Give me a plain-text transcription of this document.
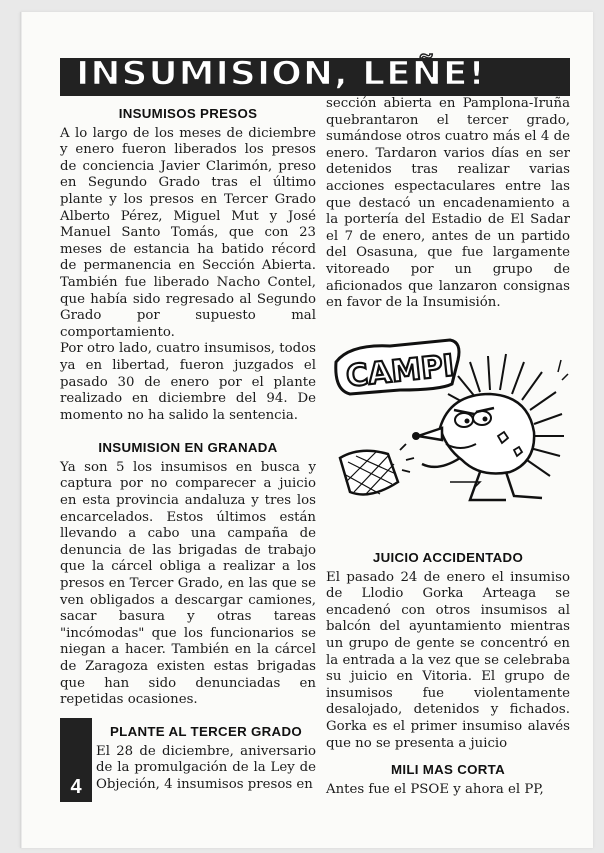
INSUMISION, LEÑE!
INSUMISOS PRESOS

A lo largo de los meses de diciembre y enero fueron liberados los presos de conciencia Javier Clarimón, preso en Segundo Grado tras el último plante y los presos en Tercer Grado Alberto Pérez, Miguel Mut y José Manuel Santo Tomás, que con 23 meses de estancia ha batido récord de permanencia en Sección Abierta. También fue liberado Nacho Contel, que había sido regresado al Segundo Grado por supuesto mal comportamiento.

Por otro lado, cuatro insumisos, todos ya en libertad, fueron juzgados el pasado 30 de enero por el plante realizado en diciembre del 94. De momento no ha salido la sentencia.

INSUMISION EN GRANADA

Ya son 5 los insumisos en busca y captura por no comparecer a juicio en esta provincia andaluza y tres los encarcelados. Estos últimos están llevando a cabo una campaña de denuncia de las brigadas de trabajo que la cárcel obliga a realizar a los presos en Tercer Grado, en las que se ven obligados a descargar camiones, sacar basura y otras tareas "incómodas" que los funcionarios se niegan a hacer. También en la cárcel de Zaragoza existen estas brigadas que han sido denunciadas en repetidas ocasiones.

4
PLANTE AL TERCER GRADO

El 28 de diciembre, aniversario de la promulgación de la Ley de Objeción, 4 insumisos presos en

sección abierta en Pamplona-Iruña quebrantaron el tercer grado, sumándose otros cuatro más el 4 de enero. Tardaron varios días en ser detenidos tras realizar varias acciones espectaculares entre las que destacó un encadenamiento a la portería del Estadio de El Sadar el 7 de enero, antes de un partido del Osasuna, que fue largamente vitoreado por un grupo de aficionados que lanzaron consignas en favor de la Insumisión.

CAMPI
JUICIO ACCIDENTADO

El pasado 24 de enero el insumiso de Llodio Gorka Arteaga se encadenó con otros insumisos al balcón del ayuntamiento mientras un grupo de gente se concentró en la entrada a la vez que se celebraba su juicio en Vitoria. El grupo de insumisos fue violentamente desalojado, detenidos y fichados. Gorka es el primer insumiso alavés que no se presenta a juicio

MILI MAS CORTA

Antes fue el PSOE y ahora el PP,
